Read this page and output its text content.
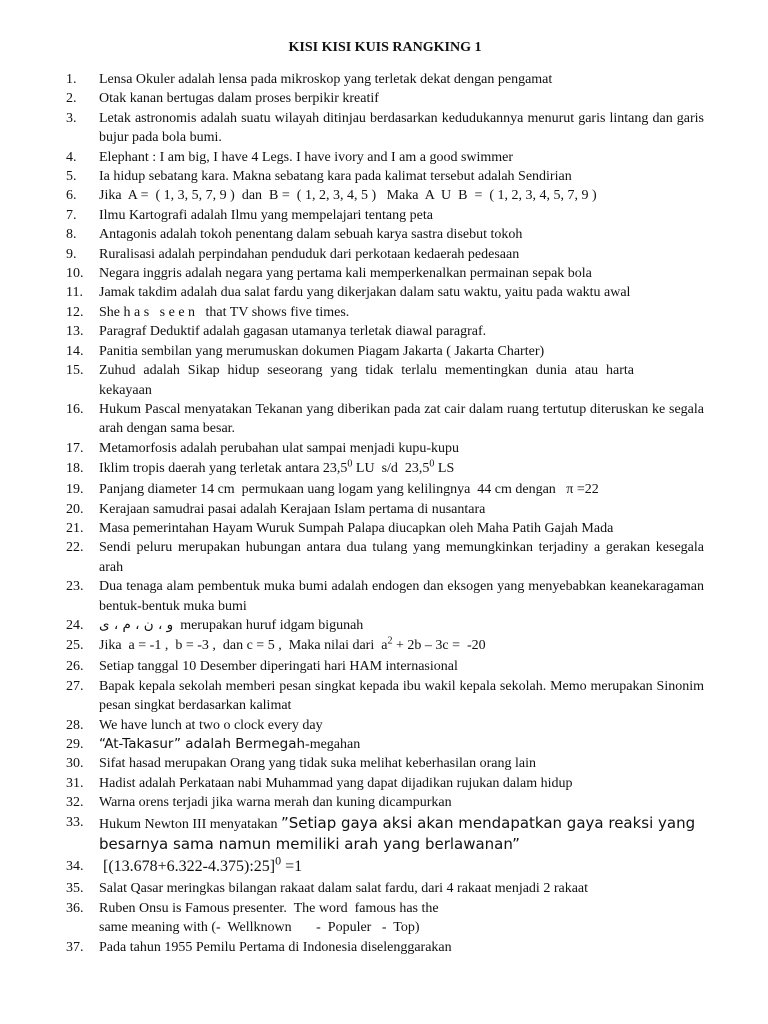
KISI KISI KUIS RANGKING 1
1.	Lensa Okuler adalah lensa pada mikroskop yang terletak dekat dengan pengamat
2.	Otak kanan bertugas dalam proses berpikir kreatif
3.	Letak astronomis adalah suatu wilayah ditinjau berdasarkan kedudukannya menurut garis lintang dan garis bujur pada bola bumi.
4.	Elephant : I am big, I have 4 Legs. I have ivory and I am a good swimmer
5.	Ia hidup sebatang kara. Makna sebatang kara pada kalimat tersebut adalah Sendirian
6.	Jika  A =  ( 1, 3, 5, 7, 9 )  dan  B =  ( 1, 2, 3, 4, 5 )   Maka  A  U  B  =  ( 1, 2, 3, 4, 5, 7, 9 )
7.	Ilmu Kartografi adalah Ilmu yang mempelajari tentang peta
8.	Antagonis adalah tokoh penentang dalam sebuah karya sastra disebut tokoh
9.	Ruralisasi adalah perpindahan penduduk dari perkotaan kedaerah pedesaan
10.	Negara inggris adalah negara yang pertama kali memperkenalkan permainan sepak bola
11.	Jamak takdim adalah dua salat fardu yang dikerjakan dalam satu waktu, yaitu pada waktu awal
12.	She h a s   s e e n   that TV shows five times.
13.	Paragraf Deduktif adalah gagasan utamanya terletak diawal paragraf.
14.	Panitia sembilan yang merumuskan dokumen Piagam Jakarta ( Jakarta Charter)
15.	Zuhud adalah Sikap hidup seseorang yang tidak terlalu mementingkan dunia atau harta kekayaan
16.	Hukum Pascal menyatakan Tekanan yang diberikan pada zat cair dalam ruang tertutup diteruskan ke segala arah dengan sama besar.
17.	Metamorfosis adalah perubahan ulat sampai menjadi kupu-kupu
18.	Iklim tropis daerah yang terletak antara 23,5$^0$ LU  s/d  23,5$^0$ LS
19.	Panjang diameter 14 cm  permukaan uang logam yang kelilingnya  44 cm dengan   π =22
20.	Kerajaan samudrai pasai adalah Kerajaan Islam pertama di nusantara
21.	Masa pemerintahan Hayam Wuruk Sumpah Palapa diucapkan oleh Maha Patih Gajah Mada
22.	Sendi peluru merupakan hubungan antara dua tulang yang memungkinkan terjadiny a gerakan kesegala arah
23.	Dua tenaga alam pembentuk muka bumi adalah endogen dan eksogen yang menyebabkan keanekaragaman bentuk-bentuk muka bumi
24.	و ، ن ، م ، ى  merupakan huruf idgam bigunah
25.	Jika  a = -1 ,  b = -3 ,  dan c = 5 ,  Maka nilai dari  $a^2 + 2b - 3c = -20$
26.	Setiap tanggal 10 Desember diperingati hari HAM internasional
27.	Bapak kepala sekolah memberi pesan singkat kepada ibu wakil kepala sekolah. Memo merupakan Sinonim pesan singkat berdasarkan kalimat
28.	We have lunch at two o clock every day
29.	“At-Takasur” adalah Bermegah-megahan
30.	Sifat hasad merupakan Orang yang tidak suka melihat keberhasilan orang lain
31.	Hadist adalah Perkataan nabi Muhammad yang dapat dijadikan rujukan dalam hidup
32.	Warna orens terjadi jika warna merah dan kuning dicampurkan
33.	Hukum Newton III menyatakan ”Setiap gaya aksi akan mendapatkan gaya reaksi yang besarnya sama namun memiliki arah yang berlawanan”
34. [(13.678+6.322-4.375):25]$^0$ =1
35.	Salat Qasar meringkas bilangan rakaat dalam salat fardu, dari 4 rakaat menjadi 2 rakaat
36.	Ruben Onsu is Famous presenter.  The word  famous has the
same meaning with (-  Wellknown       -  Populer   -  Top)
37.	Pada tahun 1955 Pemilu Pertama di Indonesia diselenggarakan
